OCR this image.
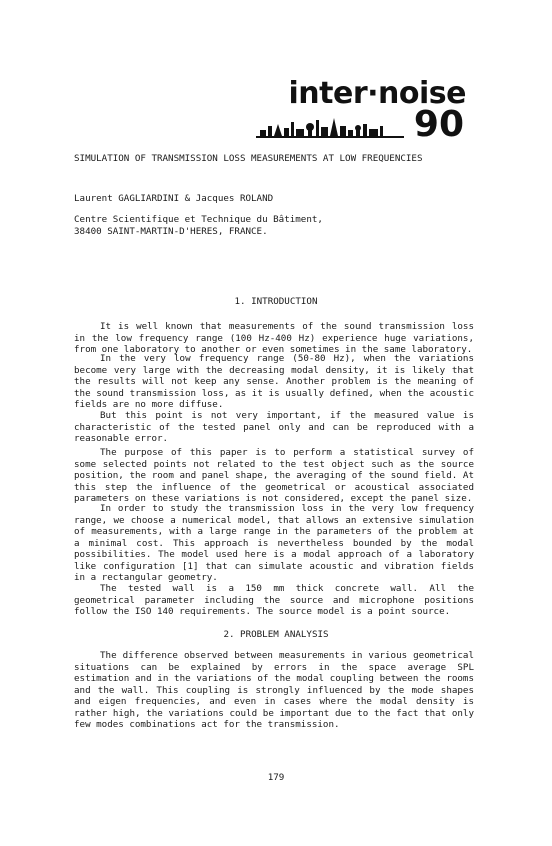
inter·noise
90
SIMULATION OF TRANSMISSION LOSS MEASUREMENTS AT LOW FREQUENCIES
Laurent GAGLIARDINI & Jacques ROLAND
Centre Scientifique et Technique du Bâtiment,
38400 SAINT-MARTIN-D'HERES, FRANCE.
1. INTRODUCTION

It is well known that measurements of the sound transmission loss in the low frequency range (100 Hz-400 Hz) experience huge variations, from one laboratory to another or even sometimes in the same laboratory.

In the very low frequency range (50-80 Hz), when the variations become very large with the decreasing modal density, it is likely that the results will not keep any sense. Another problem is the meaning of the sound transmission loss, as it is usually defined, when the acoustic fields are no more diffuse.

But this point is not very important, if the measured value is characteristic of the tested panel only and can be reproduced with a reasonable error.

The purpose of this paper is to perform a statistical survey of some selected points not related to the test object such as the source position, the room and panel shape, the averaging of the sound field. At this step the influence of the geometrical or acoustical associated parameters on these variations is not considered, except the panel size.

In order to study the transmission loss in the very low frequency range, we choose a numerical model, that allows an extensive simulation of measurements, with a large range in the parameters of the problem at a minimal cost. This approach is nevertheless bounded by the modal possibilities. The model used here is a modal approach of a laboratory like configuration [1] that can simulate acoustic and vibration fields in a rectangular geometry.

The tested wall is a 150 mm thick concrete wall. All the geometrical parameter including the source and microphone positions follow the ISO 140 requirements. The source model is a point source.

2. PROBLEM ANALYSIS

The difference observed between measurements in various geometrical situations can be explained by errors in the space average SPL estimation and in the variations of the modal coupling between the rooms and the wall. This coupling is strongly influenced by the mode shapes and eigen frequencies, and even in cases where the modal density is rather high, the variations could be important due to the fact that only few modes combinations act for the transmission.

179
